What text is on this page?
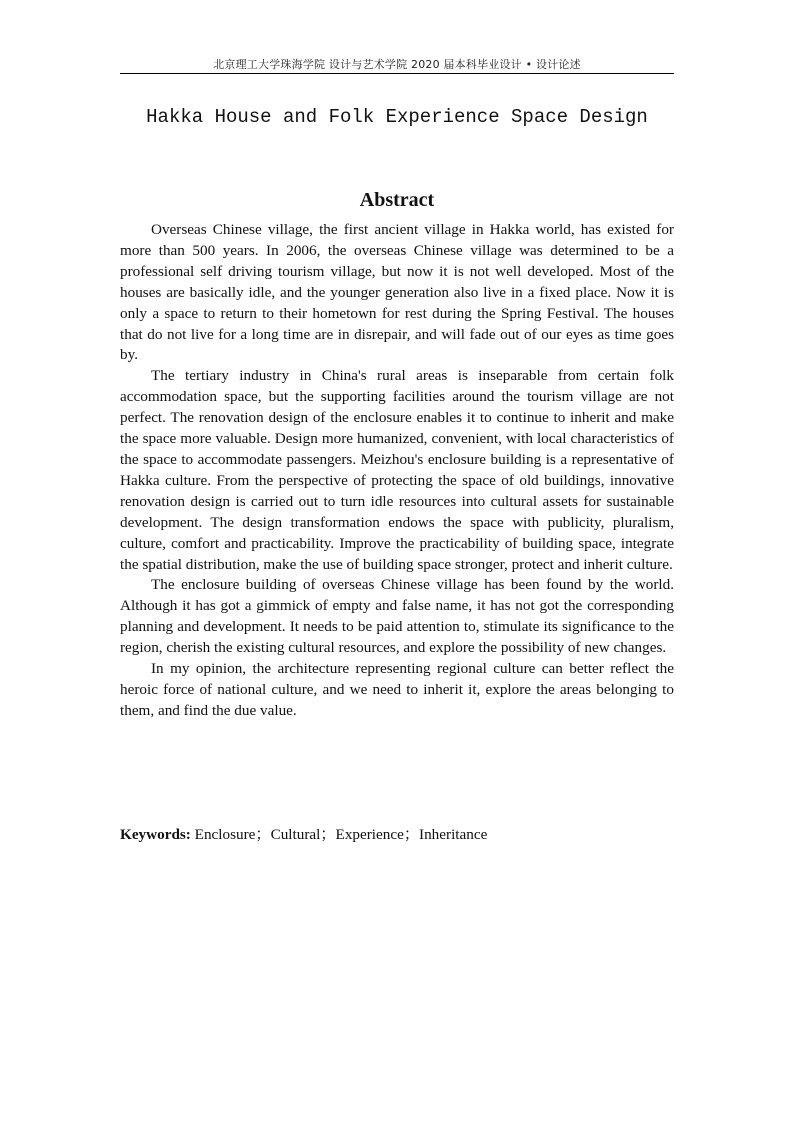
北京理工大学珠海学院 设计与艺术学院 2020 届本科毕业设计 • 设计论述
Hakka House and Folk Experience Space Design
Abstract

Overseas Chinese village, the first ancient village in Hakka world, has existed for more than 500 years. In 2006, the overseas Chinese village was determined to be a professional self driving tourism village, but now it is not well developed. Most of the houses are basically idle, and the younger generation also live in a fixed place. Now it is only a space to return to their hometown for rest during the Spring Festival. The houses that do not live for a long time are in disrepair, and will fade out of our eyes as time goes by.

The tertiary industry in China's rural areas is inseparable from certain folk accommodation space, but the supporting facilities around the tourism village are not perfect. The renovation design of the enclosure enables it to continue to inherit and make the space more valuable. Design more humanized, convenient, with local characteristics of the space to accommodate passengers. Meizhou's enclosure building is a representative of Hakka culture. From the perspective of protecting the space of old buildings, innovative renovation design is carried out to turn idle resources into cultural assets for sustainable development. The design transformation endows the space with publicity, pluralism, culture, comfort and practicability. Improve the practicability of building space, integrate the spatial distribution, make the use of building space stronger, protect and inherit culture.

The enclosure building of overseas Chinese village has been found by the world. Although it has got a gimmick of empty and false name, it has not got the corresponding planning and development. It needs to be paid attention to, stimulate its significance to the region, cherish the existing cultural resources, and explore the possibility of new changes.

In my opinion, the architecture representing regional culture can better reflect the heroic force of national culture, and we need to inherit it, explore the areas belonging to them, and find the due value.

Keywords: Enclosure；Cultural；Experience；Inheritance
